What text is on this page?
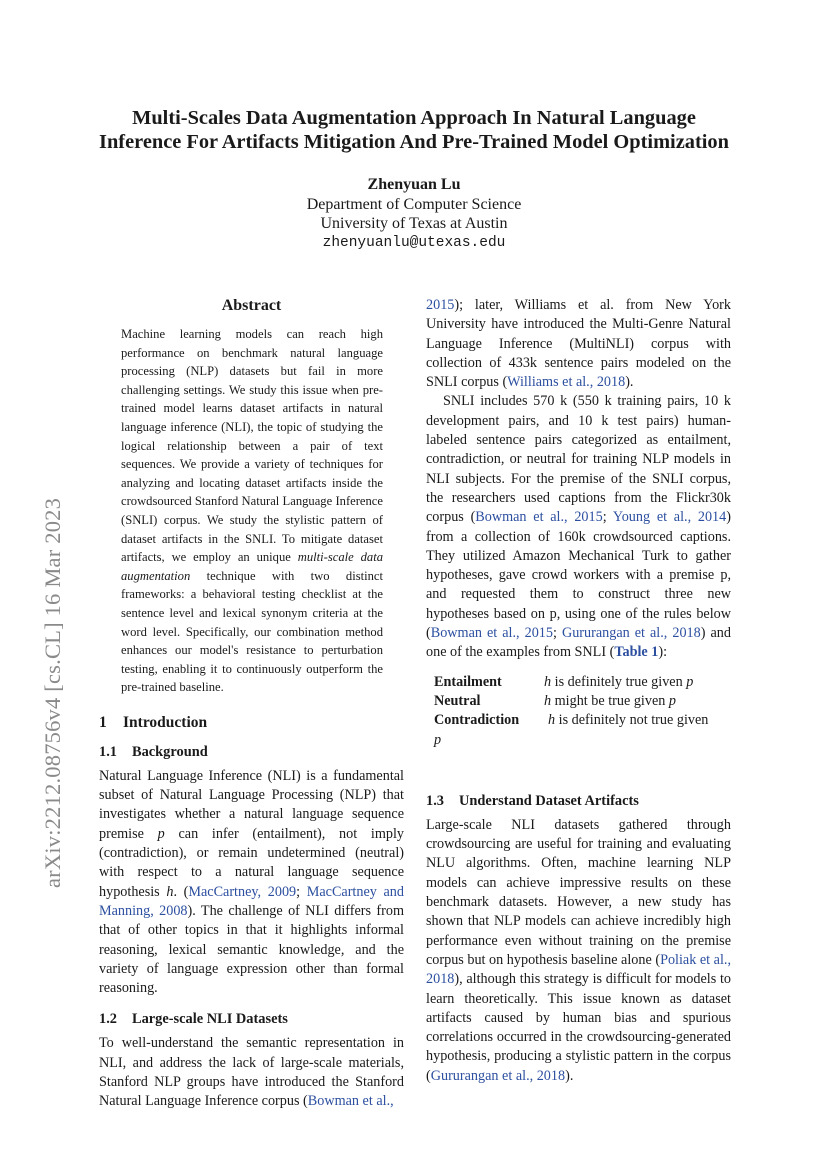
arXiv:2212.08756v4 [cs.CL] 16 Mar 2023
Multi-Scales Data Augmentation Approach In Natural Language
Inference For Artifacts Mitigation And Pre-Trained Model Optimization
Zhenyuan Lu
Department of Computer Science
University of Texas at Austin
zhenyuanlu@utexas.edu
Abstract

Machine learning models can reach high performance on benchmark natural language processing (NLP) datasets but fail in more challenging settings. We study this issue when pre-trained model learns dataset artifacts in natural language inference (NLI), the topic of studying the logical relationship between a pair of text sequences. We provide a variety of techniques for analyzing and locating dataset artifacts inside the crowdsourced Stanford Natural Language Inference (SNLI) corpus. We study the stylistic pattern of dataset artifacts in the SNLI. To mitigate dataset artifacts, we employ an unique multi-scale data augmentation technique with two distinct frameworks: a behavioral testing checklist at the sentence level and lexical synonym criteria at the word level. Specifically, our combination method enhances our model's resistance to perturbation testing, enabling it to continuously outperform the pre-trained baseline.

1 Introduction
1.1 Background

Natural Language Inference (NLI) is a fundamental subset of Natural Language Processing (NLP) that investigates whether a natural language sequence premise p can infer (entailment), not imply (contradiction), or remain undetermined (neutral) with respect to a natural language sequence hypothesis h. (MacCartney, 2009; MacCartney and Manning, 2008). The challenge of NLI differs from that of other topics in that it highlights informal reasoning, lexical semantic knowledge, and the variety of language expression other than formal reasoning.

1.2 Large-scale NLI Datasets

To well-understand the semantic representation in NLI, and address the lack of large-scale materials, Stanford NLP groups have introduced the Stanford Natural Language Inference corpus (Bowman et al.,

2015); later, Williams et al. from New York University have introduced the Multi-Genre Natural Language Inference (MultiNLI) corpus with collection of 433k sentence pairs modeled on the SNLI corpus (Williams et al., 2018).

SNLI includes 570 k (550 k training pairs, 10 k development pairs, and 10 k test pairs) human-labeled sentence pairs categorized as entailment, contradiction, or neutral for training NLP models in NLI subjects. For the premise of the SNLI corpus, the researchers used captions from the Flickr30k corpus (Bowman et al., 2015; Young et al., 2014) from a collection of 160k crowdsourced captions. They utilized Amazon Mechanical Turk to gather hypotheses, gave crowd workers with a premise p, and requested them to construct three new hypotheses based on p, using one of the rules below (Bowman et al., 2015; Gururangan et al., 2018) and one of the examples from SNLI (Table 1):

Entailment	h is definitely true given p
Neutral	h might be true given p
Contradiction	h is definitely not true given
p
1.3 Understand Dataset Artifacts

Large-scale NLI datasets gathered through crowdsourcing are useful for training and evaluating NLU algorithms. Often, machine learning NLP models can achieve impressive results on these benchmark datasets. However, a new study has shown that NLP models can achieve incredibly high performance even without training on the premise corpus but on hypothesis baseline alone (Poliak et al., 2018), although this strategy is difficult for models to learn theoretically. This issue known as dataset artifacts caused by human bias and spurious correlations occurred in the crowdsourcing-generated hypothesis, producing a stylistic pattern in the corpus (Gururangan et al., 2018).
